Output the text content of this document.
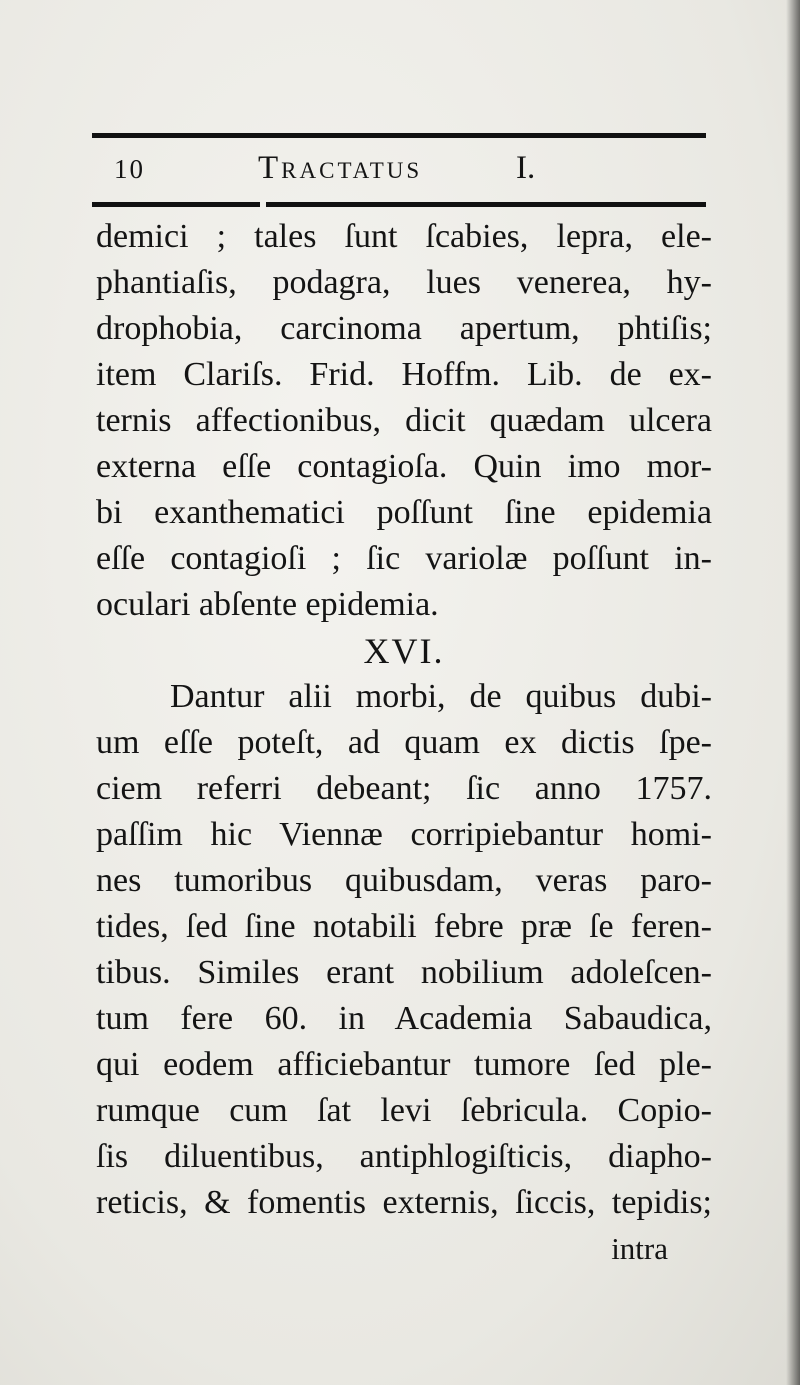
10	Tractatus	I.
demici ; tales ſunt ſcabies, lepra, ele-
phantiaſis, podagra, lues venerea, hy-
drophobia, carcinoma apertum, phtiſis;
item Clariſs. Frid. Hoffm. Lib. de ex-
ternis affectionibus, dicit quædam ulcera
externa eſſe contagioſa. Quin imo mor-
bi exanthematici poſſunt ſine epidemia
eſſe contagioſi ; ſic variolæ poſſunt in-
oculari abſente epidemia.
XVI.
Dantur alii morbi, de quibus dubi-
um eſſe poteſt, ad quam ex dictis ſpe-
ciem referri debeant; ſic anno 1757.
paſſim hic Viennæ corripiebantur homi-
nes tumoribus quibusdam, veras paro-
tides, ſed ſine notabili febre præ ſe feren-
tibus. Similes erant nobilium adoleſcen-
tum fere 60. in Academia Sabaudica,
qui eodem afficiebantur tumore ſed ple-
rumque cum ſat levi ſebricula. Copio-
ſis diluentibus, antiphlogiſticis, diapho-
reticis, & fomentis externis, ſiccis, tepidis;
intra
